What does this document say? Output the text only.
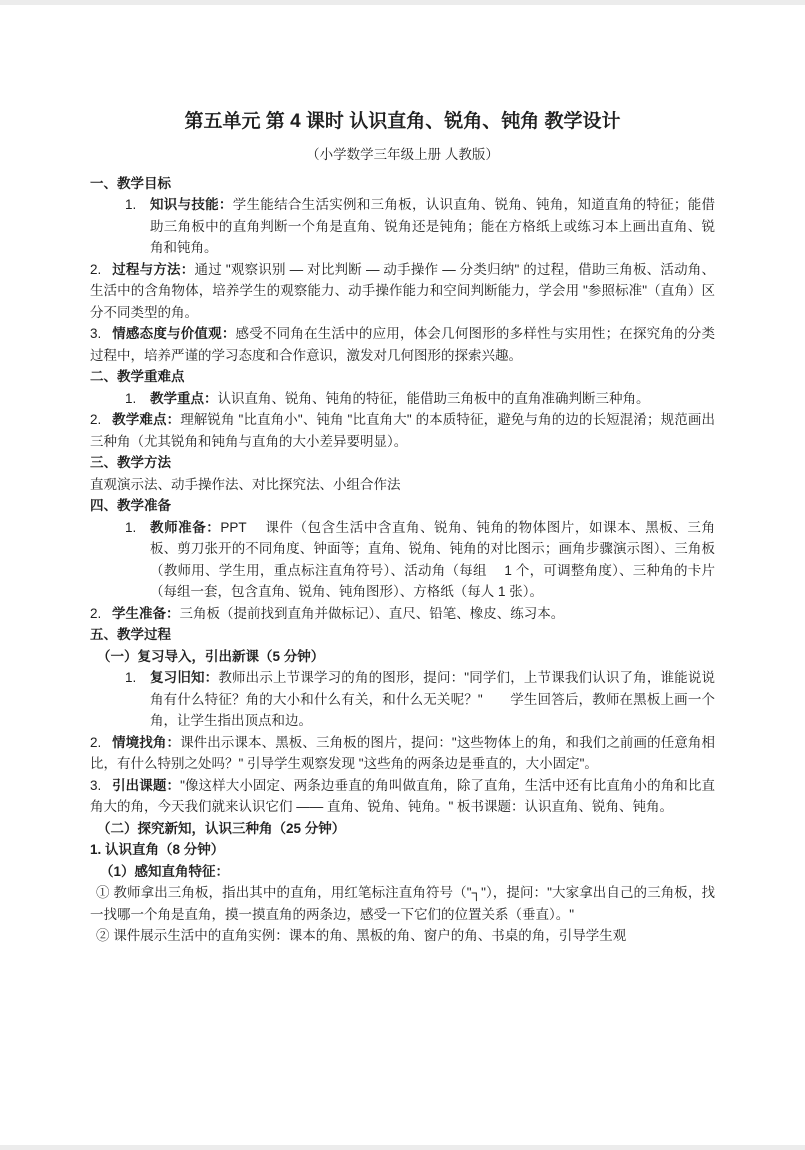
第五单元 第 4 课时 认识直角、锐角、钝角 教学设计
（小学数学三年级上册 人教版）
一、教学目标
1. 知识与技能：学生能结合生活实例和三角板，认识直角、锐角、钝角，知道直角的特征；能借助三角板中的直角判断一个角是直角、锐角还是钝角；能在方格纸上或练习本上画出直角、锐角和钝角。
2. 过程与方法：通过 "观察识别 — 对比判断 — 动手操作 — 分类归纳" 的过程，借助三角板、活动角、生活中的含角物体，培养学生的观察能力、动手操作能力和空间判断能力，学会用 "参照标准"（直角）区分不同类型的角。
3. 情感态度与价值观：感受不同角在生活中的应用，体会几何图形的多样性与实用性；在探究角的分类过程中，培养严谨的学习态度和合作意识，激发对几何图形的探索兴趣。
二、教学重难点
1. 教学重点：认识直角、锐角、钝角的特征，能借助三角板中的直角准确判断三种角。
2. 教学难点：理解锐角 "比直角小"、钝角 "比直角大" 的本质特征，避免与角的边的长短混淆；规范画出三种角（尤其锐角和钝角与直角的大小差异要明显）。
三、教学方法
直观演示法、动手操作法、对比探究法、小组合作法
四、教学准备
1. 教师准备：PPT　 课件（包含生活中含直角、锐角、钝角的物体图片，如课本、黑板、三角板、剪刀张开的不同角度、钟面等；直角、锐角、钝角的对比图示；画角步骤演示图）、三角板（教师用、学生用，重点标注直角符号）、活动角（每组　 1 个，可调整角度）、三种角的卡片（每组一套，包含直角、锐角、钝角图形）、方格纸（每人 1 张）。
2. 学生准备：三角板（提前找到直角并做标记）、直尺、铅笔、橡皮、练习本。
五、教学过程
（一）复习导入，引出新课（5 分钟）
1. 复习旧知：教师出示上节课学习的角的图形，提问："同学们，上节课我们认识了角，谁能说说角有什么特征？角的大小和什么有关，和什么无关呢？"　　学生回答后，教师在黑板上画一个角，让学生指出顶点和边。
2. 情境找角：课件出示课本、黑板、三角板的图片，提问："这些物体上的角，和我们之前画的任意角相比，有什么特别之处吗？" 引导学生观察发现 "这些角的两条边是垂直的，大小固定"。
3. 引出课题："像这样大小固定、两条边垂直的角叫做直角，除了直角，生活中还有比直角小的角和比直角大的角，今天我们就来认识它们 —— 直角、锐角、钝角。" 板书课题：认识直角、锐角、钝角。
（二）探究新知，认识三种角（25 分钟）
1. 认识直角（8 分钟）
（1）感知直角特征：
① 教师拿出三角板，指出其中的直角，用红笔标注直角符号（"┐"），提问："大家拿出自己的三角板，找一找哪一个角是直角，摸一摸直角的两条边，感受一下它们的位置关系（垂直）。"
② 课件展示生活中的直角实例：课本的角、黑板的角、窗户的角、书桌的角，引导学生观
